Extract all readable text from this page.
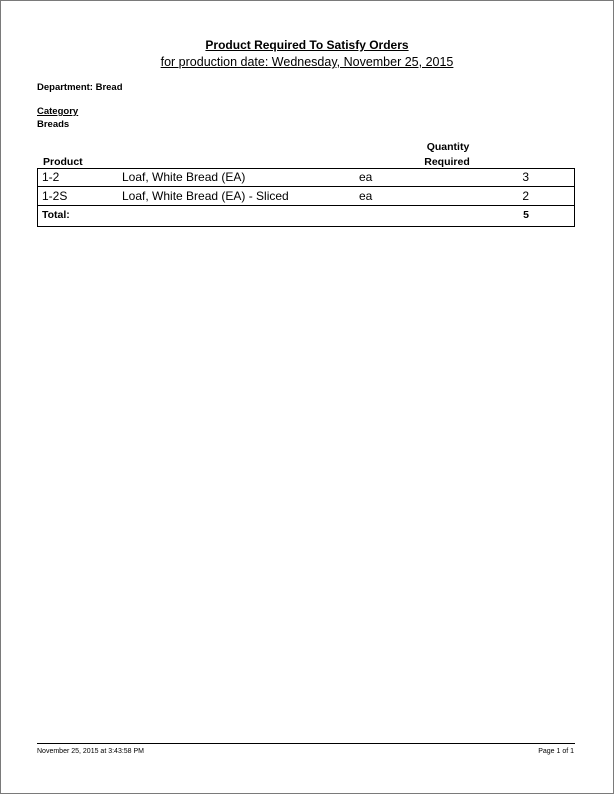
Product Required To Satisfy Orders
for production date: Wednesday, November 25, 2015
Department: Bread
Category
Breads
Product
Quantity
Required
1-2	Loaf, White Bread (EA)	ea	3	
1-2S	Loaf, White Bread (EA) - Sliced	ea	2	
Total:			5	
November 25, 2015 at 3:43:58 PM	Page 1 of 1
